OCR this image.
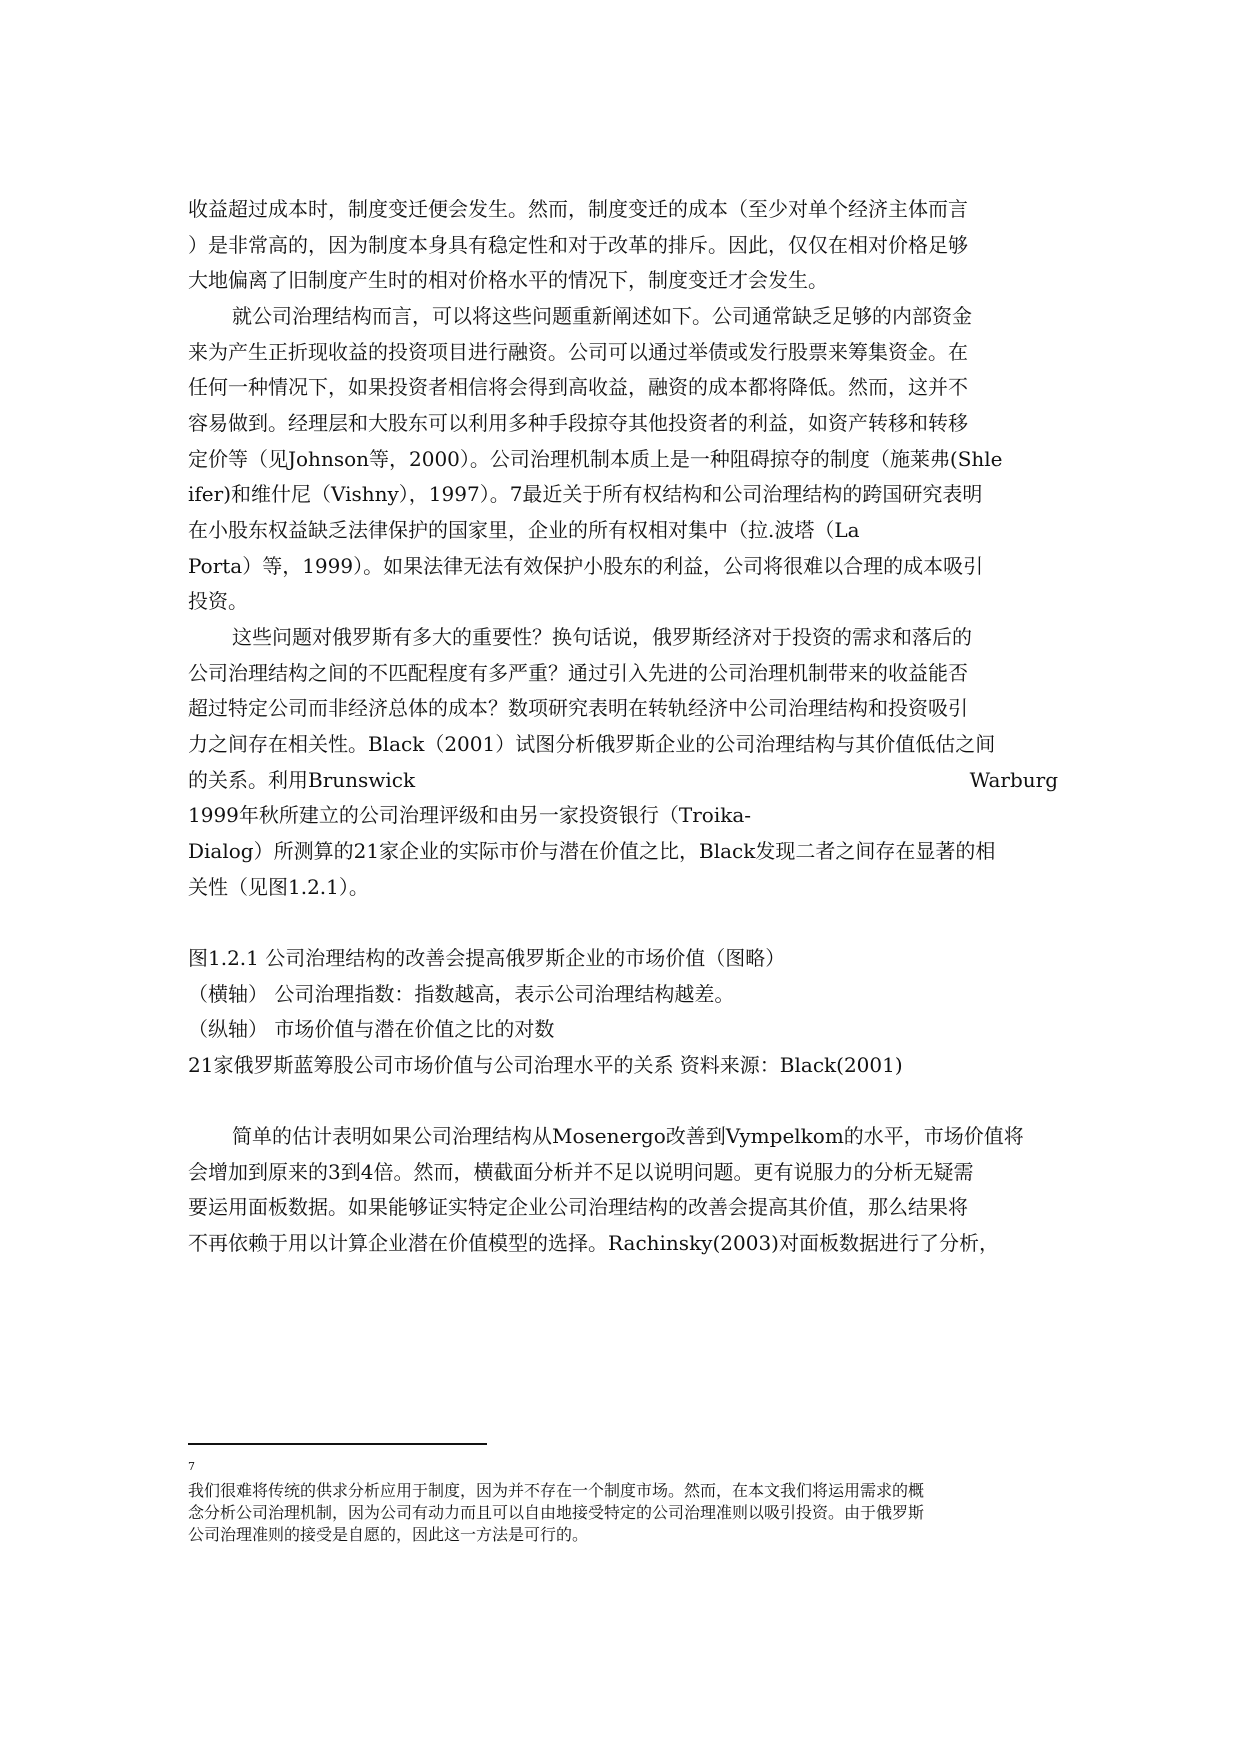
收益超过成本时，制度变迁便会发生。然而，制度变迁的成本（至少对单个经济主体而言
）是非常高的，因为制度本身具有稳定性和对于改革的排斥。因此，仅仅在相对价格足够
大地偏离了旧制度产生时的相对价格水平的情况下，制度变迁才会发生。
就公司治理结构而言，可以将这些问题重新阐述如下。公司通常缺乏足够的内部资金
来为产生正折现收益的投资项目进行融资。公司可以通过举债或发行股票来筹集资金。在
任何一种情况下，如果投资者相信将会得到高收益，融资的成本都将降低。然而，这并不
容易做到。经理层和大股东可以利用多种手段掠夺其他投资者的利益，如资产转移和转移
定价等（见Johnson等，2000）。公司治理机制本质上是一种阻碍掠夺的制度（施莱弗(Shle
ifer)和维什尼（Vishny），1997）。7最近关于所有权结构和公司治理结构的跨国研究表明
在小股东权益缺乏法律保护的国家里，企业的所有权相对集中（拉.波塔（La
Porta）等，1999）。如果法律无法有效保护小股东的利益，公司将很难以合理的成本吸引
投资。
这些问题对俄罗斯有多大的重要性？换句话说，俄罗斯经济对于投资的需求和落后的
公司治理结构之间的不匹配程度有多严重？通过引入先进的公司治理机制带来的收益能否
超过特定公司而非经济总体的成本？数项研究表明在转轨经济中公司治理结构和投资吸引
力之间存在相关性。Black（2001）试图分析俄罗斯企业的公司治理结构与其价值低估之间
的关系。利用Brunswick	Warburg
1999年秋所建立的公司治理评级和由另一家投资银行（Troika-
Dialog）所测算的21家企业的实际市价与潜在价值之比，Black发现二者之间存在显著的相
关性（见图1.2.1）。
图1.2.1 公司治理结构的改善会提高俄罗斯企业的市场价值（图略）
（横轴） 公司治理指数：指数越高，表示公司治理结构越差。
（纵轴） 市场价值与潜在价值之比的对数
21家俄罗斯蓝筹股公司市场价值与公司治理水平的关系 资料来源：Black(2001)
简单的估计表明如果公司治理结构从Mosenergo改善到Vympelkom的水平，市场价值将
会增加到原来的3到4倍。然而，横截面分析并不足以说明问题。更有说服力的分析无疑需
要运用面板数据。如果能够证实特定企业公司治理结构的改善会提高其价值，那么结果将
不再依赖于用以计算企业潜在价值模型的选择。Rachinsky(2003)对面板数据进行了分析，
7
我们很难将传统的供求分析应用于制度，因为并不存在一个制度市场。然而，在本文我们将运用需求的概
念分析公司治理机制，因为公司有动力而且可以自由地接受特定的公司治理准则以吸引投资。由于俄罗斯
公司治理准则的接受是自愿的，因此这一方法是可行的。
